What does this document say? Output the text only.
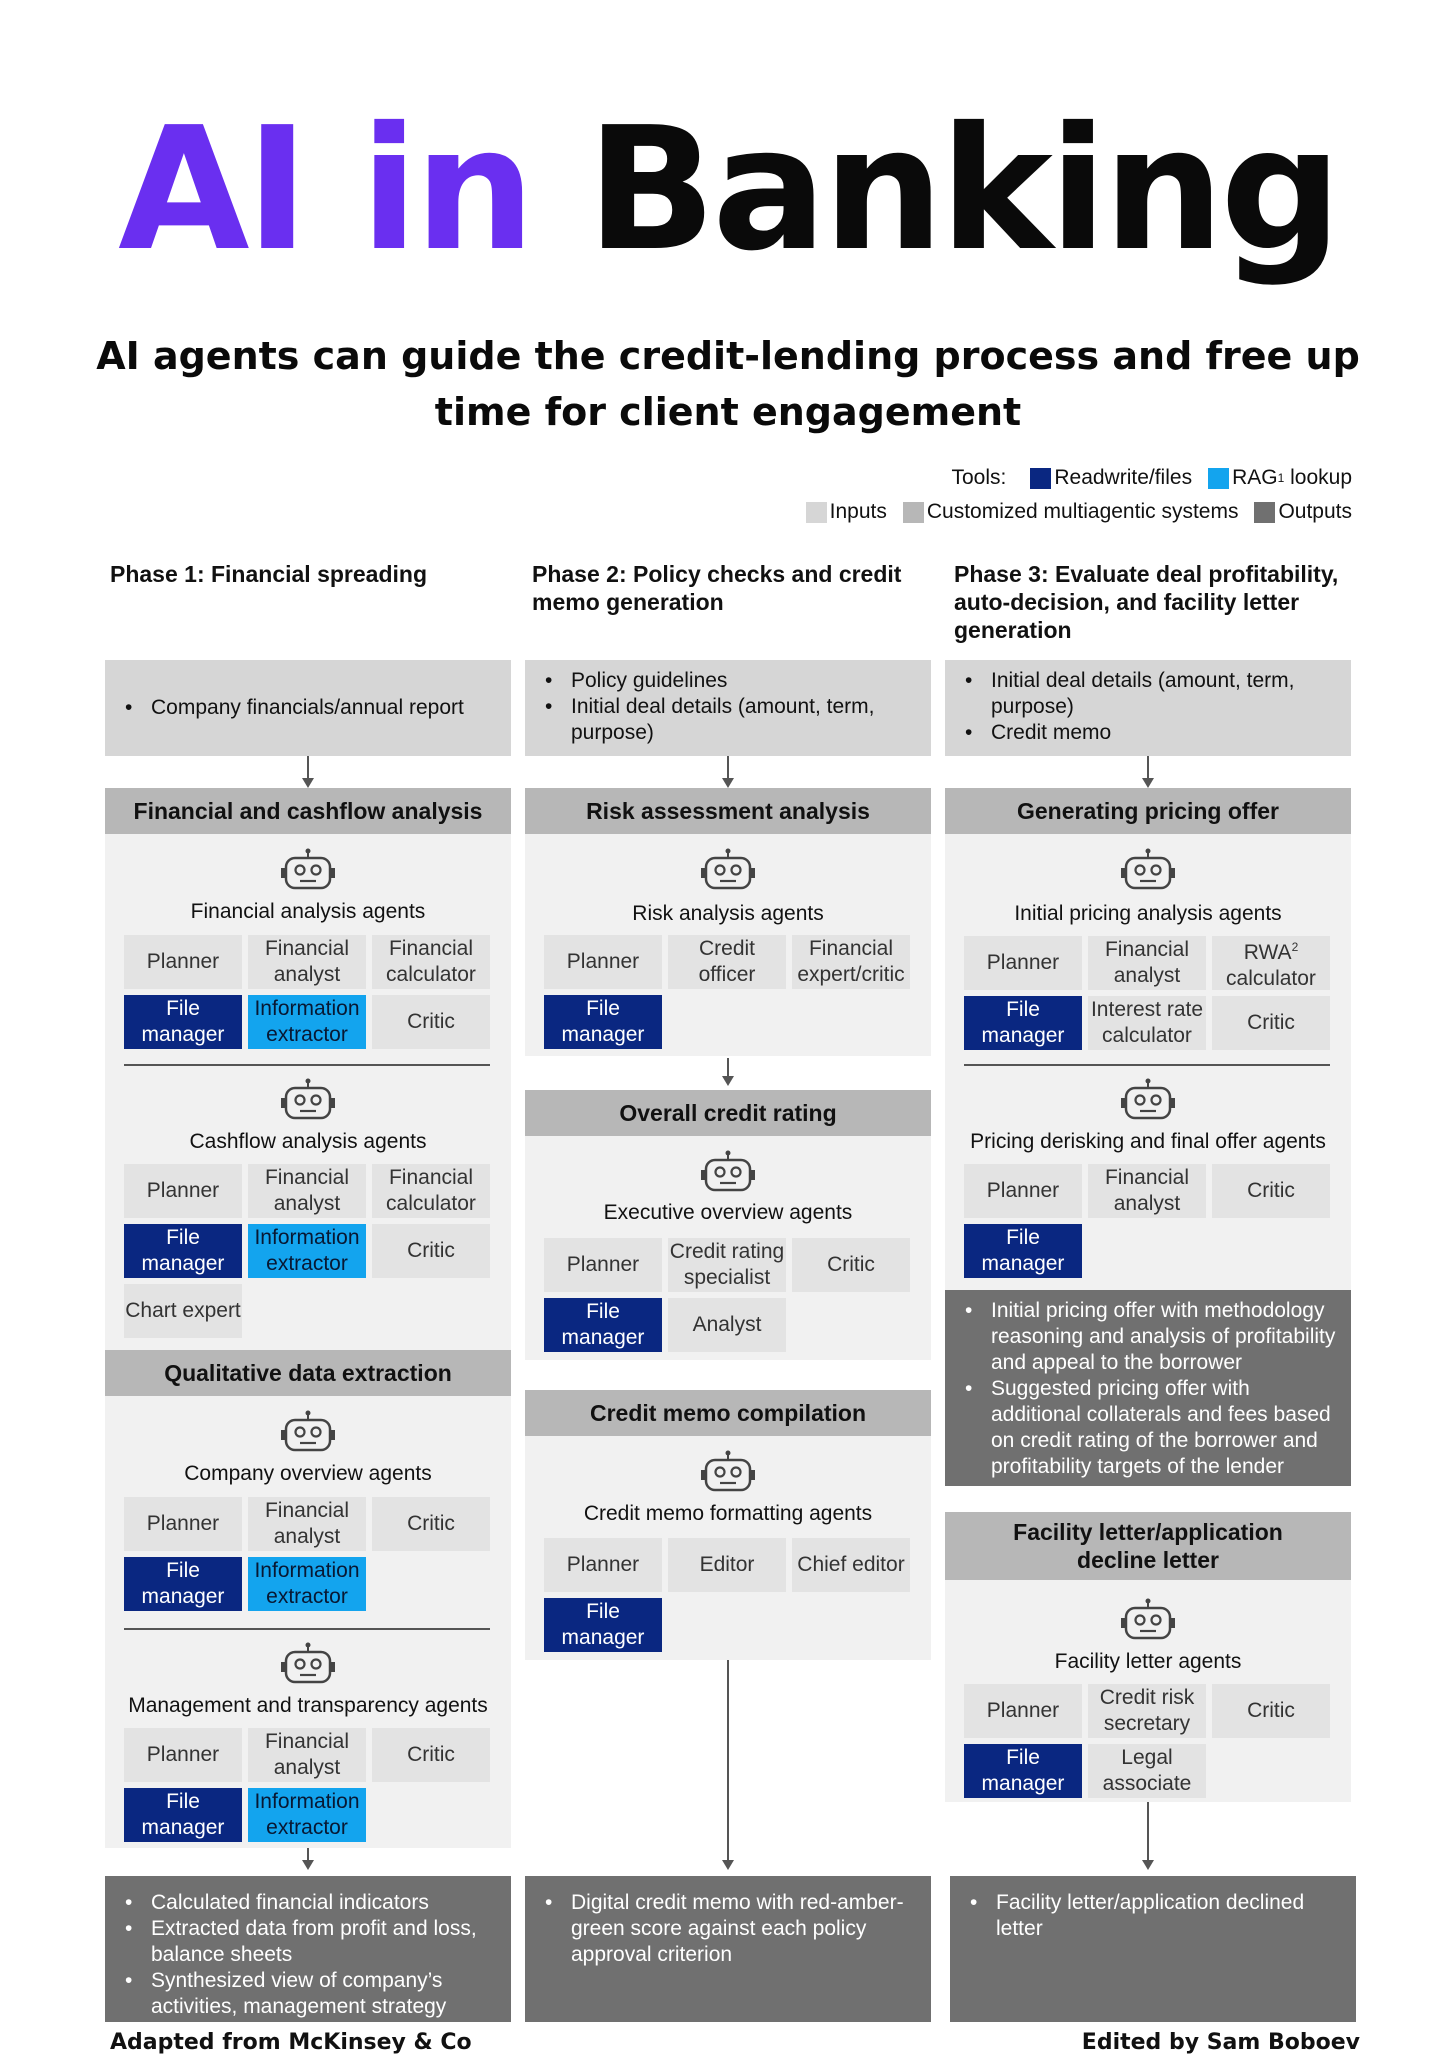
AI in Banking
AI agents can guide the credit-lending process and free up time for client engagement
Tools: Readwrite/files RAG 1 lookup
Inputs Customized multiagentic systems Outputs
Phase 1: Financial spreading	Phase 2: Policy checks and credit memo generation
Phase 3: Evaluate deal profitability, auto-decision, and facility letter generation
• Company financials/annual report
Financial and cashflow analysis
Financial analysis agents
Planner
Financial analyst
Financial calculator
File manager
Information extractor
Critic
Cashflow analysis agents
Planner
Financial analyst
Financial calculator
File manager
Information extractor
Critic
Chart expert
Qualitative data extraction
Company overview agents
Planner
Financial analyst
Critic
File manager
Information extractor
Management and transparency agents
Planner
Financial analyst
Critic
File manager
Information extractor
• Calculated financial indicators
• Extracted data from profit and loss, balance sheets
• Synthesized view of company’s activities, management strategy
• Policy guidelines
• Initial deal details (amount, term, purpose)
Risk assessment analysis
Risk analysis agents
Planner
Credit officer
Financial expert/critic
File manager
Overall credit rating
Executive overview agents
Planner
Credit rating specialist
Critic
File manager
Analyst
Credit memo compilation
Credit memo formatting agents
Planner	Editor	Chief editor
File manager
• Digital credit memo with red-amber-green score against each policy approval criterion
• Initial deal details (amount, term, purpose)
• Credit memo
Generating pricing offer
Initial pricing analysis agents
Planner
Financial analyst
RWA$^2$
calculator
File manager
Interest rate calculator
Critic
Pricing derisking and final offer agents
Planner
Financial analyst
Critic
File manager
• Initial pricing offer with methodology reasoning and analysis of profitability and appeal to the borrower
• Suggested pricing offer with additional collaterals and fees based on credit rating of the borrower and profitability targets of the lender
Facility letter/application decline letter
Facility letter agents
Planner
Credit risk secretary
Critic
File manager
Legal associate
• Facility letter/application declined letter
Adapted from McKinsey & Co	Edited by Sam Boboev
